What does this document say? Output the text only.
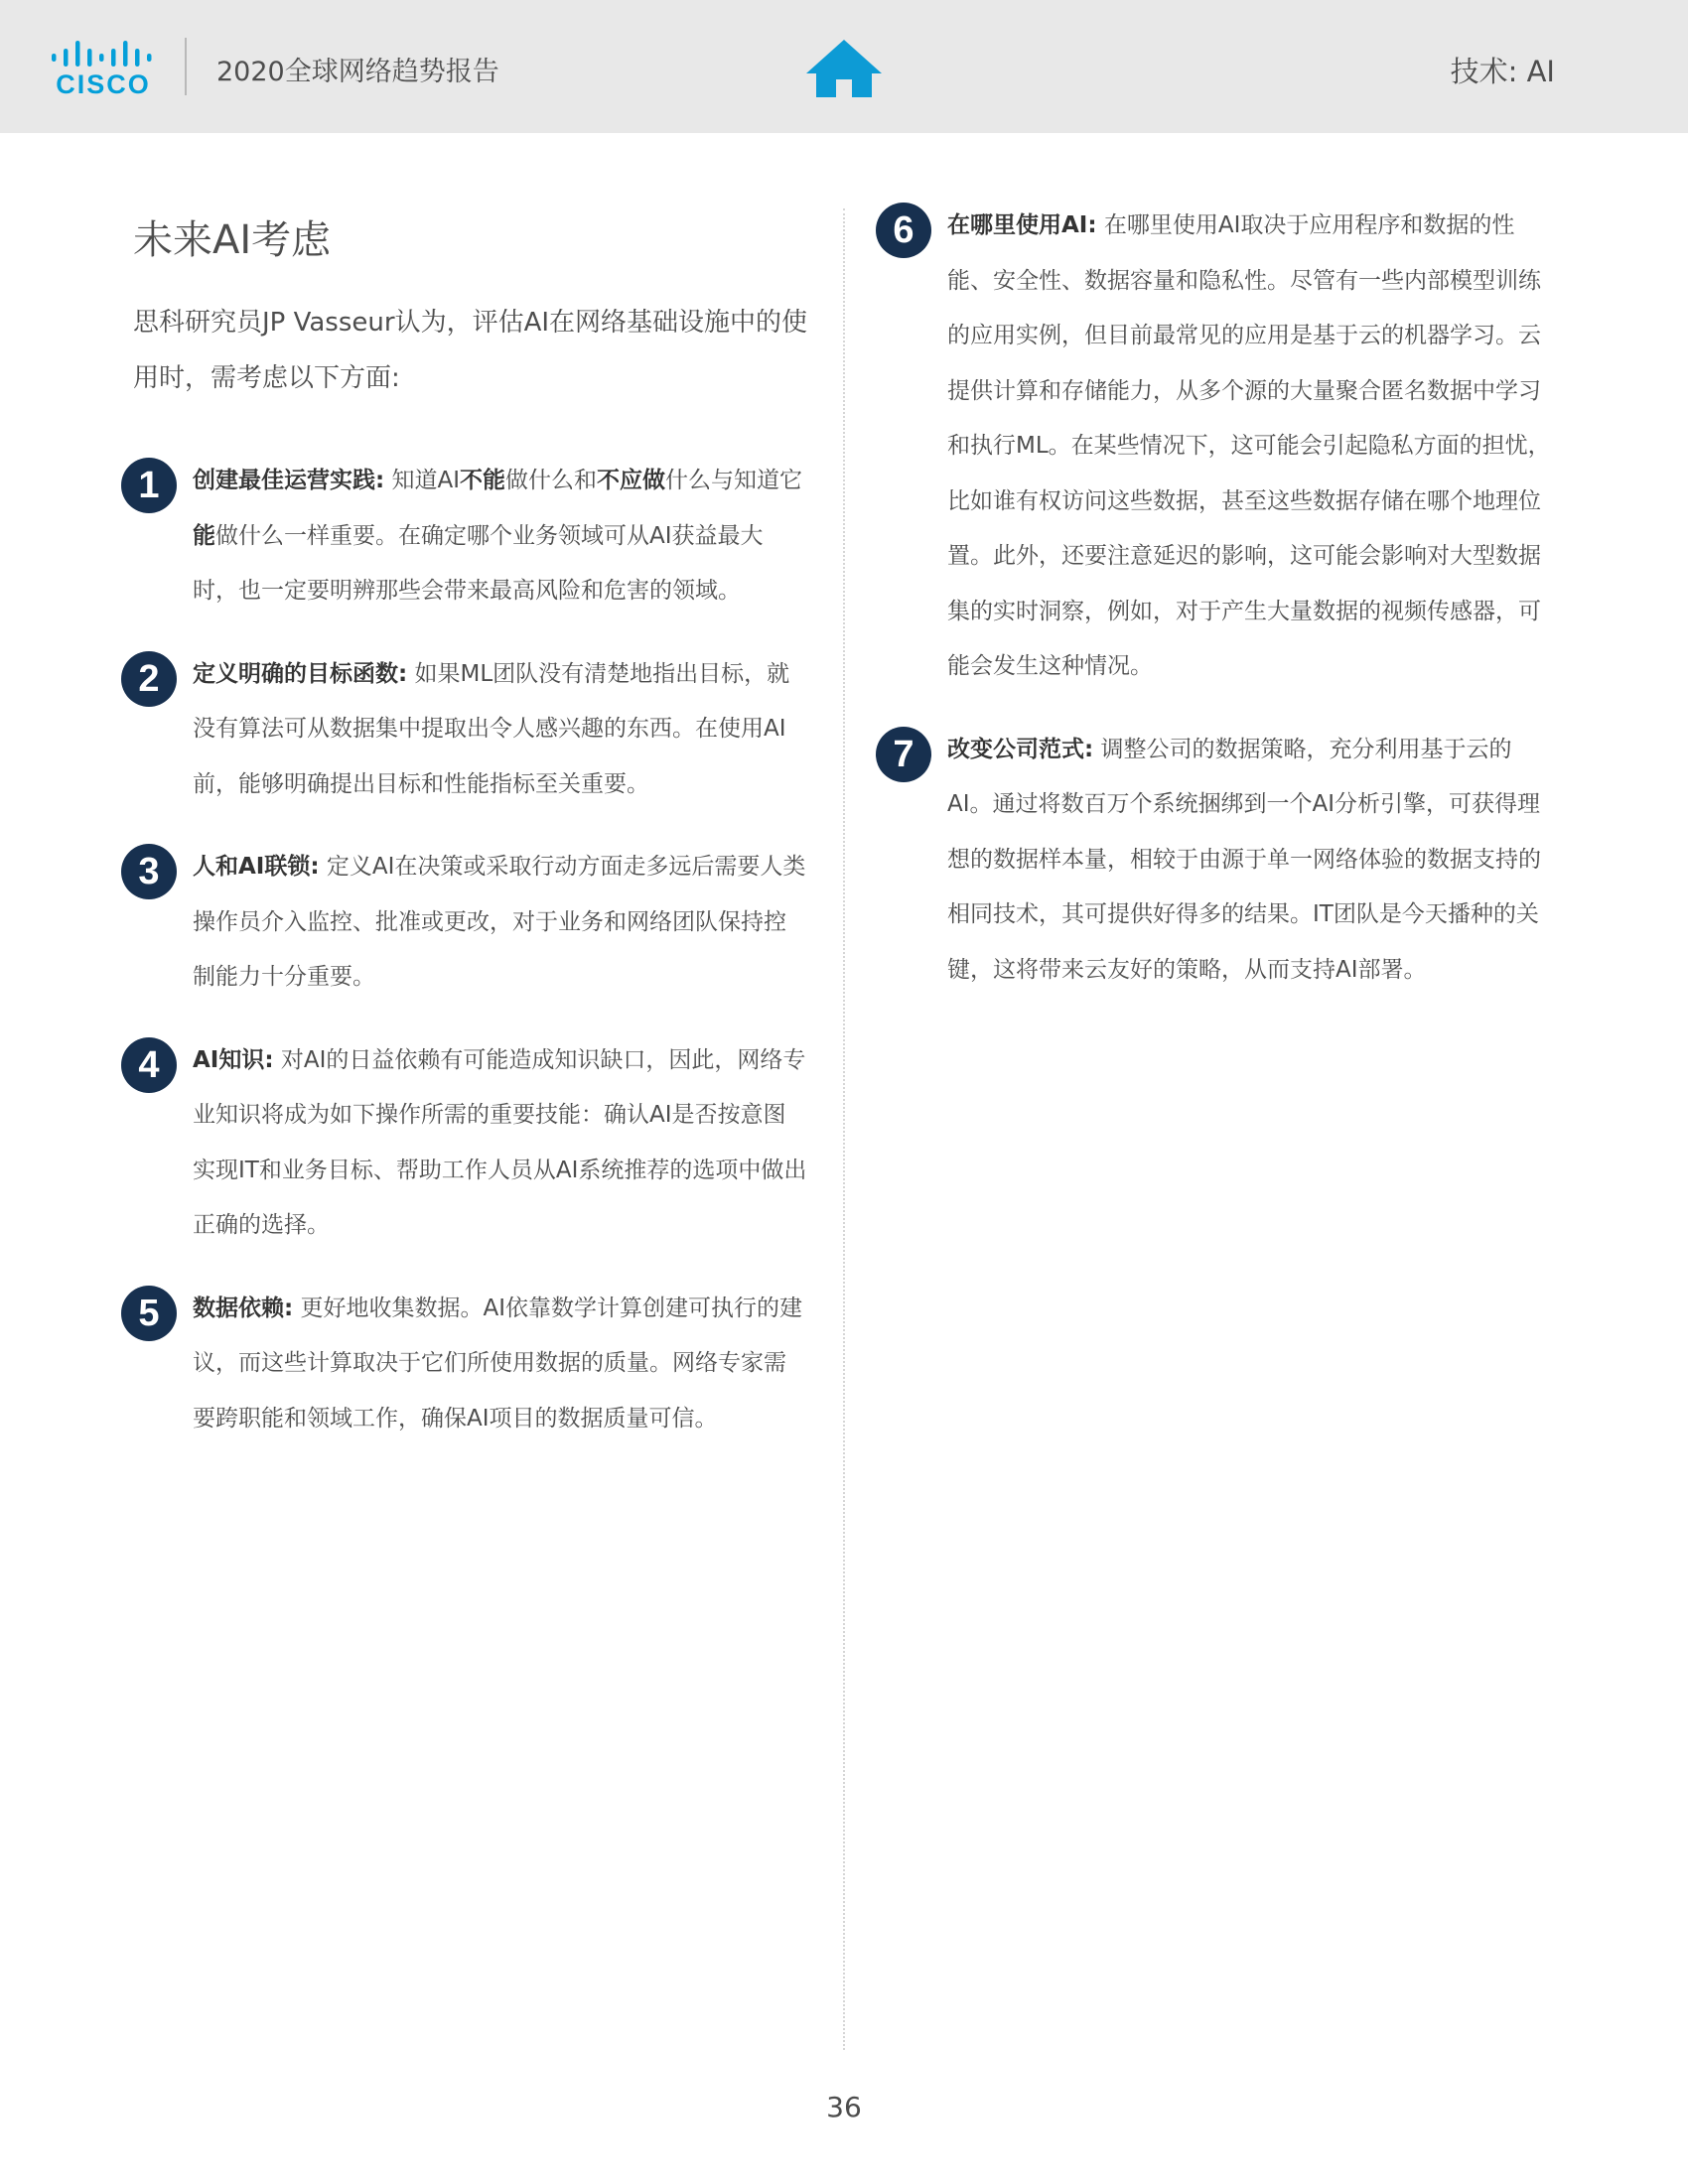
CISCO 2020全球网络趋势报告	技术: AI
未来AI考虑

思科研究员JP Vasseur认为，评估AI在网络基础设施中的使用时，需考虑以下方面:

1	创建最佳运营实践: 知道AI不能做什么和不应做什么与知道它能做什么一样重要。在确定哪个业务领域可从AI获益最大时，也一定要明辨那些会带来最高风险和危害的领域。

2	定义明确的目标函数: 如果ML团队没有清楚地指出目标，就没有算法可从数据集中提取出令人感兴趣的东西。在使用AI前，能够明确提出目标和性能指标至关重要。

3	人和AI联锁: 定义AI在决策或采取行动方面走多远后需要人类操作员介入监控、批准或更改，对于业务和网络团队保持控制能力十分重要。

4	AI知识: 对AI的日益依赖有可能造成知识缺口，因此，网络专业知识将成为如下操作所需的重要技能：确认AI是否按意图实现IT和业务目标、帮助工作人员从AI系统推荐的选项中做出正确的选择。

5	数据依赖: 更好地收集数据。AI依靠数学计算创建可执行的建议，而这些计算取决于它们所使用数据的质量。网络专家需要跨职能和领域工作，确保AI项目的数据质量可信。

6	在哪里使用AI: 在哪里使用AI取决于应用程序和数据的性能、安全性、数据容量和隐私性。尽管有一些内部模型训练的应用实例，但目前最常见的应用是基于云的机器学习。云提供计算和存储能力，从多个源的大量聚合匿名数据中学习和执行ML。在某些情况下，这可能会引起隐私方面的担忧，比如谁有权访问这些数据，甚至这些数据存储在哪个地理位置。此外，还要注意延迟的影响，这可能会影响对大型数据集的实时洞察，例如，对于产生大量数据的视频传感器，可能会发生这种情况。

7	改变公司范式: 调整公司的数据策略，充分利用基于云的AI。通过将数百万个系统捆绑到一个AI分析引擎，可获得理想的数据样本量，相较于由源于单一网络体验的数据支持的相同技术，其可提供好得多的结果。IT团队是今天播种的关键，这将带来云友好的策略，从而支持AI部署。

36
